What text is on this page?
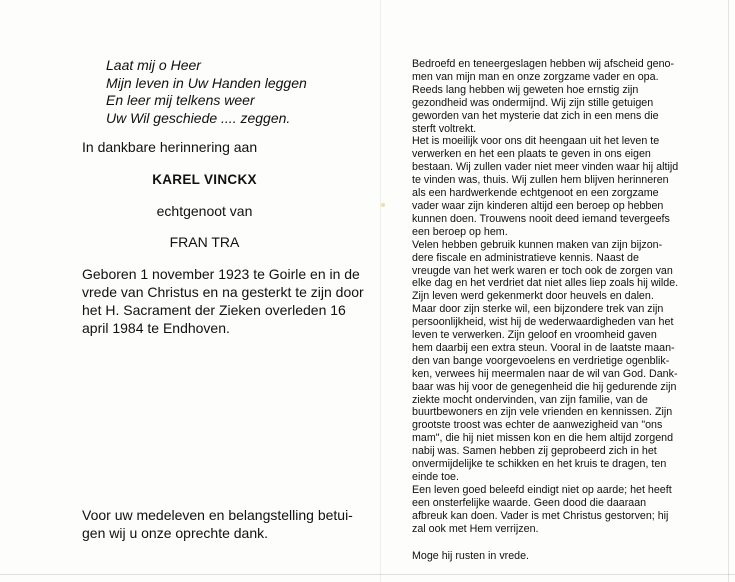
Laat mij o Heer
Mijn leven in Uw Handen leggen
En leer mij telkens weer
Uw Wil geschiede .... zeggen.
In dankbare herinnering aan
KAREL VINCKX
echtgenoot van
FRAN TRA
Geboren 1 november 1923 te Goirle en in de
vrede van Christus en na gesterkt te zijn door
het H. Sacrament der Zieken overleden 16
april 1984 te Endhoven.
Voor uw medeleven en belangstelling betui-
gen wij u onze oprechte dank.
Bedroefd en teneergeslagen hebben wij afscheid geno-
men van mijn man en onze zorgzame vader en opa.
Reeds lang hebben wij geweten hoe ernstig zijn
gezondheid was ondermijnd. Wij zijn stille getuigen
geworden van het mysterie dat zich in een mens die
sterft voltrekt.
Het is moeilijk voor ons dit heengaan uit het leven te
verwerken en het een plaats te geven in ons eigen
bestaan. Wij zullen vader niet meer vinden waar hij altijd
te vinden was, thuis. Wij zullen hem blijven herinneren
als een hardwerkende echtgenoot en een zorgzame
vader waar zijn kinderen altijd een beroep op hebben
kunnen doen. Trouwens nooit deed iemand tevergeefs
een beroep op hem.
Velen hebben gebruik kunnen maken van zijn bijzon-
dere fiscale en administratieve kennis. Naast de
vreugde van het werk waren er toch ook de zorgen van
elke dag en het verdriet dat niet alles liep zoals hij wilde.
Zijn leven werd gekenmerkt door heuvels en dalen.
Maar door zijn sterke wil, een bijzondere trek van zijn
persoonlijkheid, wist hij de wederwaardigheden van het
leven te verwerken. Zijn geloof en vroomheid gaven
hem daarbij een extra steun. Vooral in de laatste maan-
den van bange voorgevoelens en verdrietige ogenblik-
ken, verwees hij meermalen naar de wil van God. Dank-
baar was hij voor de genegenheid die hij gedurende zijn
ziekte mocht ondervinden, van zijn familie, van de
buurtbewoners en zijn vele vrienden en kennissen. Zijn
grootste troost was echter de aanwezigheid van "ons
mam", die hij niet missen kon en die hem altijd zorgend
nabij was. Samen hebben zij geprobeerd zich in het
onvermijdelijke te schikken en het kruis te dragen, ten
einde toe.
Een leven goed beleefd eindigt niet op aarde; het heeft
een onsterfelijke waarde. Geen dood die daaraan
afbreuk kan doen. Vader is met Christus gestorven; hij
zal ook met Hem verrijzen.
Moge hij rusten in vrede.
